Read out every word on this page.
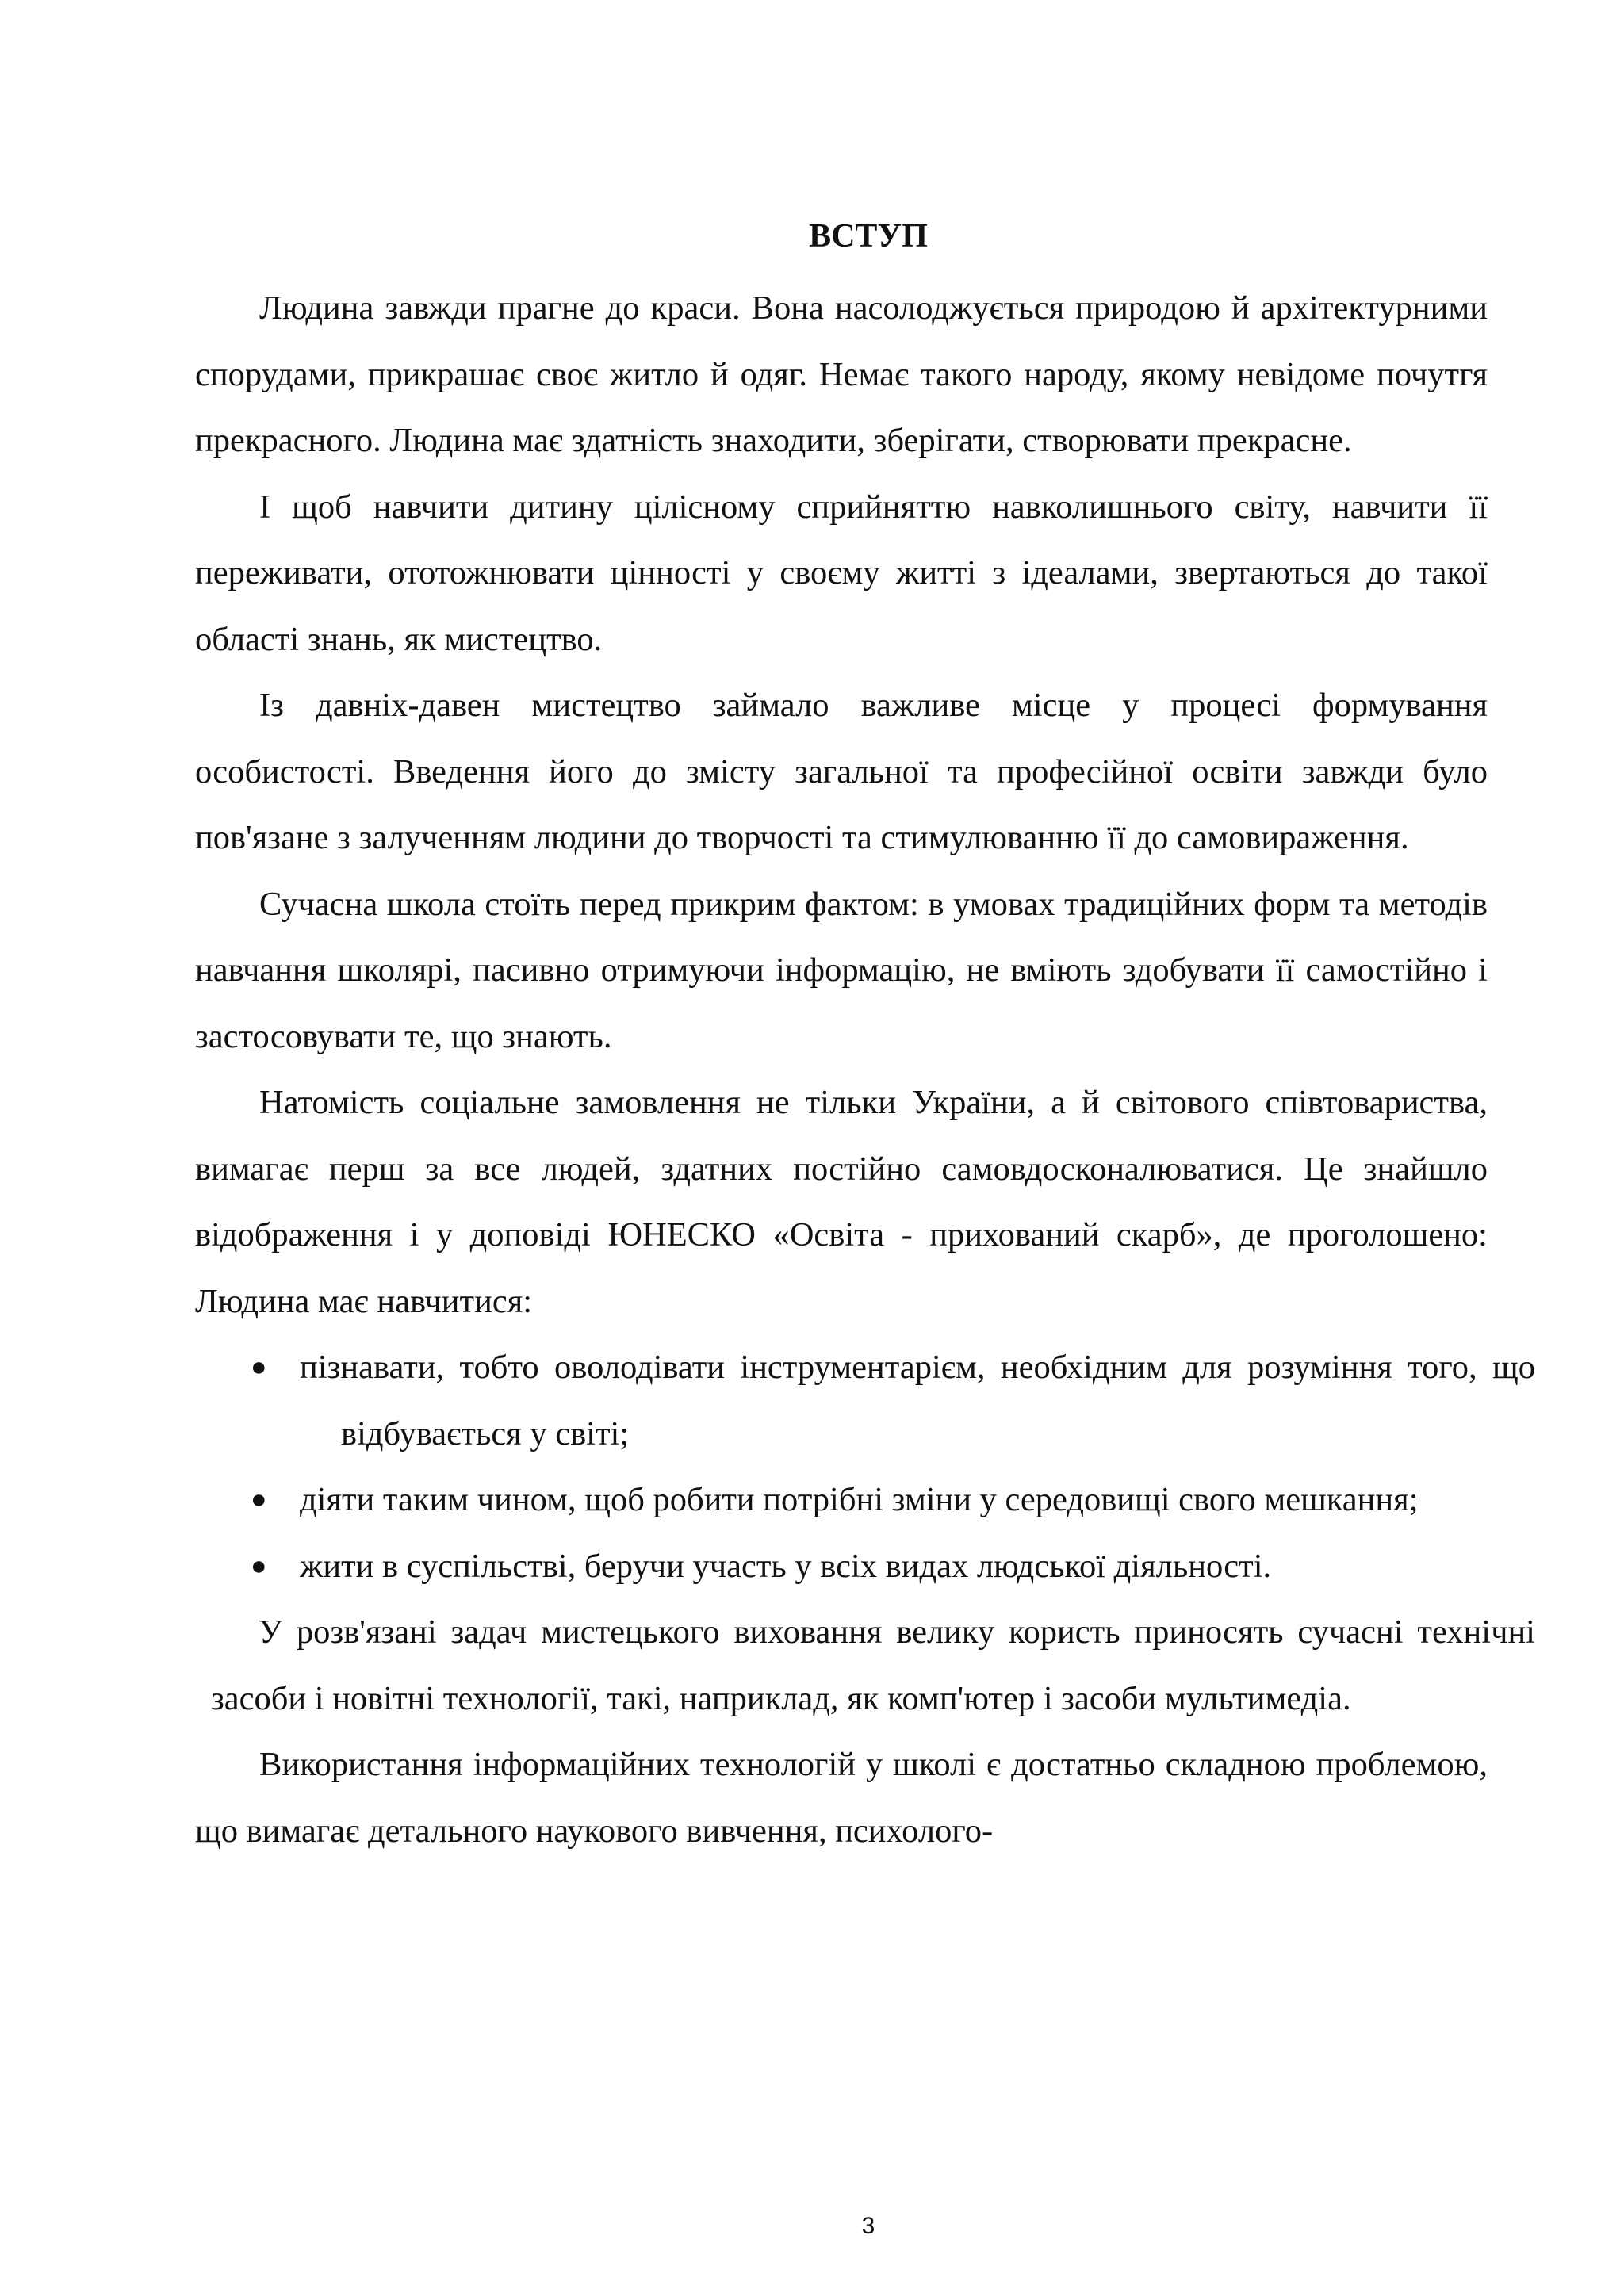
ВСТУП

Людина завжди прагне до краси. Вона насолоджується природою й архітектурними спорудами, прикрашає своє житло й одяг. Немає такого народу, якому невідоме почутгя прекрасного. Людина має здатність знаходити, зберігати, створювати прекрасне.

І щоб навчити дитину цілісному сприйняттю навколишнього світу, навчити її переживати, ототожнювати цінності у своєму житті з ідеалами, звертаються до такої області знань, як мистецтво.

Із давніх-давен мистецтво займало важливе місце у процесі формування особистості. Введення його до змісту загальної та професійної освіти завжди було пов'язане з залученням людини до творчості та стимулюванню її до самовираження.

Сучасна школа стоїть перед прикрим фактом: в умовах традиційних форм та методів навчання школярі, пасивно отримуючи інформацію, не вміють здобувати її самостійно і застосовувати те, що знають.

Натомість соціальне замовлення не тільки України, а й світового співтовариства, вимагає перш за все людей, здатних постійно самовдосконалюватися. Це знайшло відображення і у доповіді ЮНЕСКО «Освіта - прихований скарб», де проголошено: Людина має навчитися:

● пізнавати, тобто оволодівати інструментарієм, необхідним для розуміння того, що відбувається у світі;
● діяти таким чином, щоб робити потрібні зміни у середовищі свого мешкання;
● жити в суспільстві, беручи участь у всіх видах людської діяльності.

У розв'язані задач мистецького виховання велику користь приносять сучасні технічні засоби і новітні технології, такі, наприклад, як комп'ютер і засоби мультимедіа.

Використання інформаційних технологій у школі є достатньо складною проблемою, що вимагає детального наукового вивчення, психолого-

3
